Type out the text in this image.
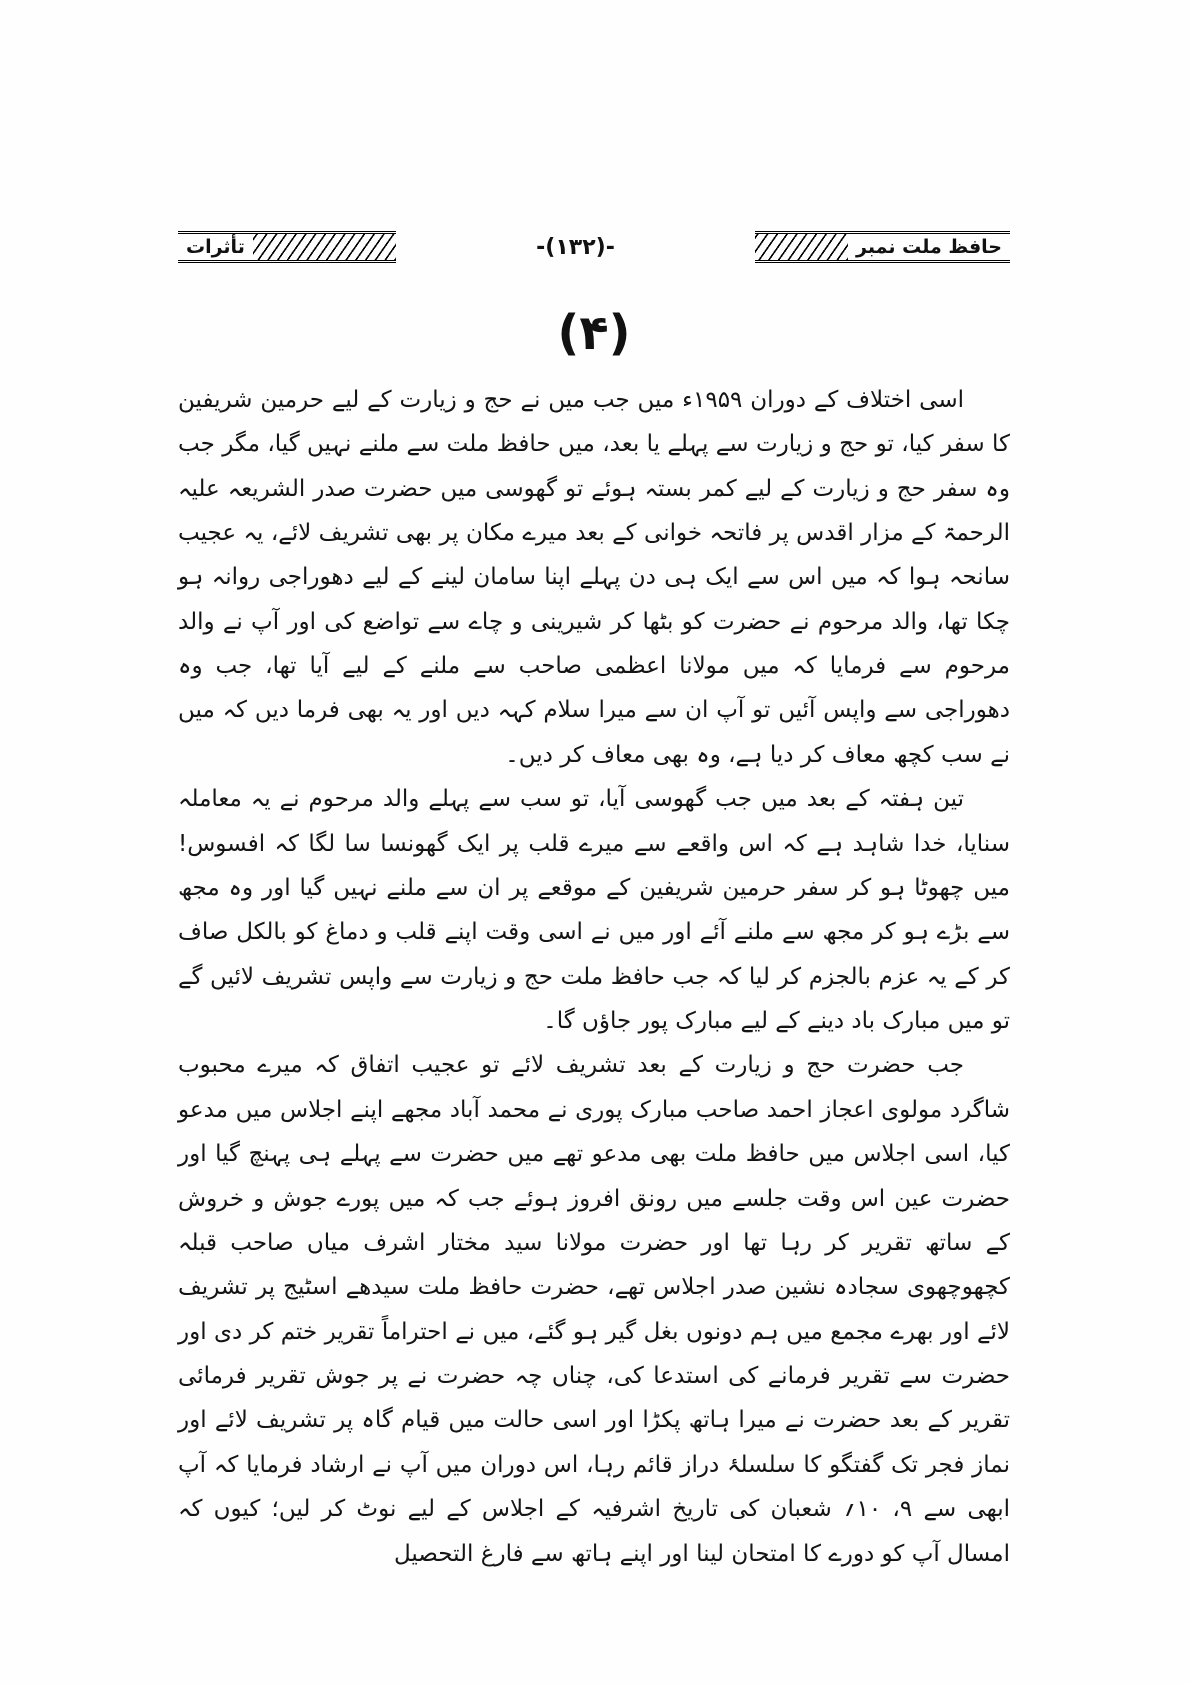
تأثرات	-(۱۳۲)-	حافظ ملت نمبر
(۴)

اسی اختلاف کے دوران ۱۹۵۹ء میں جب میں نے حج و زیارت کے لیے حرمین شریفین کا سفر کیا، تو حج و زیارت سے پہلے یا بعد، میں حافظ ملت سے ملنے نہیں گیا، مگر جب وہ سفر حج و زیارت کے لیے کمر بستہ ہوئے تو گھوسی میں حضرت صدر الشریعہ علیہ الرحمۃ کے مزار اقدس پر فاتحہ خوانی کے بعد میرے مکان پر بھی تشریف لائے، یہ عجیب سانحہ ہوا کہ میں اس سے ایک ہی دن پہلے اپنا سامان لینے کے لیے دھوراجی روانہ ہو چکا تھا، والد مرحوم نے حضرت کو بٹھا کر شیرینی و چاے سے تواضع کی اور آپ نے والد مرحوم سے فرمایا کہ میں مولانا اعظمی صاحب سے ملنے کے لیے آیا تھا، جب وہ دھوراجی سے واپس آئیں تو آپ ان سے میرا سلام کہہ دیں اور یہ بھی فرما دیں کہ میں نے سب کچھ معاف کر دیا ہے، وہ بھی معاف کر دیں۔

تین ہفتہ کے بعد میں جب گھوسی آیا، تو سب سے پہلے والد مرحوم نے یہ معاملہ سنایا، خدا شاہد ہے کہ اس واقعے سے میرے قلب پر ایک گھونسا سا لگا کہ افسوس! میں چھوٹا ہو کر سفر حرمین شریفین کے موقعے پر ان سے ملنے نہیں گیا اور وہ مجھ سے بڑے ہو کر مجھ سے ملنے آئے اور میں نے اسی وقت اپنے قلب و دماغ کو بالکل صاف کر کے یہ عزم بالجزم کر لیا کہ جب حافظ ملت حج و زیارت سے واپس تشریف لائیں گے تو میں مبارک باد دینے کے لیے مبارک پور جاؤں گا۔

جب حضرت حج و زیارت کے بعد تشریف لائے تو عجیب اتفاق کہ میرے محبوب شاگرد مولوی اعجاز احمد صاحب مبارک پوری نے محمد آباد مجھے اپنے اجلاس میں مدعو کیا، اسی اجلاس میں حافظ ملت بھی مدعو تھے میں حضرت سے پہلے ہی پہنچ گیا اور حضرت عین اس وقت جلسے میں رونق افروز ہوئے جب کہ میں پورے جوش و خروش کے ساتھ تقریر کر رہا تھا اور حضرت مولانا سید مختار اشرف میاں صاحب قبلہ کچھوچھوی سجادہ نشین صدر اجلاس تھے، حضرت حافظ ملت سیدھے اسٹیج پر تشریف لائے اور بھرے مجمع میں ہم دونوں بغل گیر ہو گئے، میں نے احتراماً تقریر ختم کر دی اور حضرت سے تقریر فرمانے کی استدعا کی، چناں چہ حضرت نے پر جوش تقریر فرمائی تقریر کے بعد حضرت نے میرا ہاتھ پکڑا اور اسی حالت میں قیام گاہ پر تشریف لائے اور نماز فجر تک گفتگو کا سلسلۂ دراز قائم رہا، اس دوران میں آپ نے ارشاد فرمایا کہ آپ ابھی سے ۹، ۱۰؍ شعبان کی تاریخ اشرفیہ کے اجلاس کے لیے نوٹ کر لیں؛ کیوں کہ امسال آپ کو دورے کا امتحان لینا اور اپنے ہاتھ سے فارغ التحصیل
